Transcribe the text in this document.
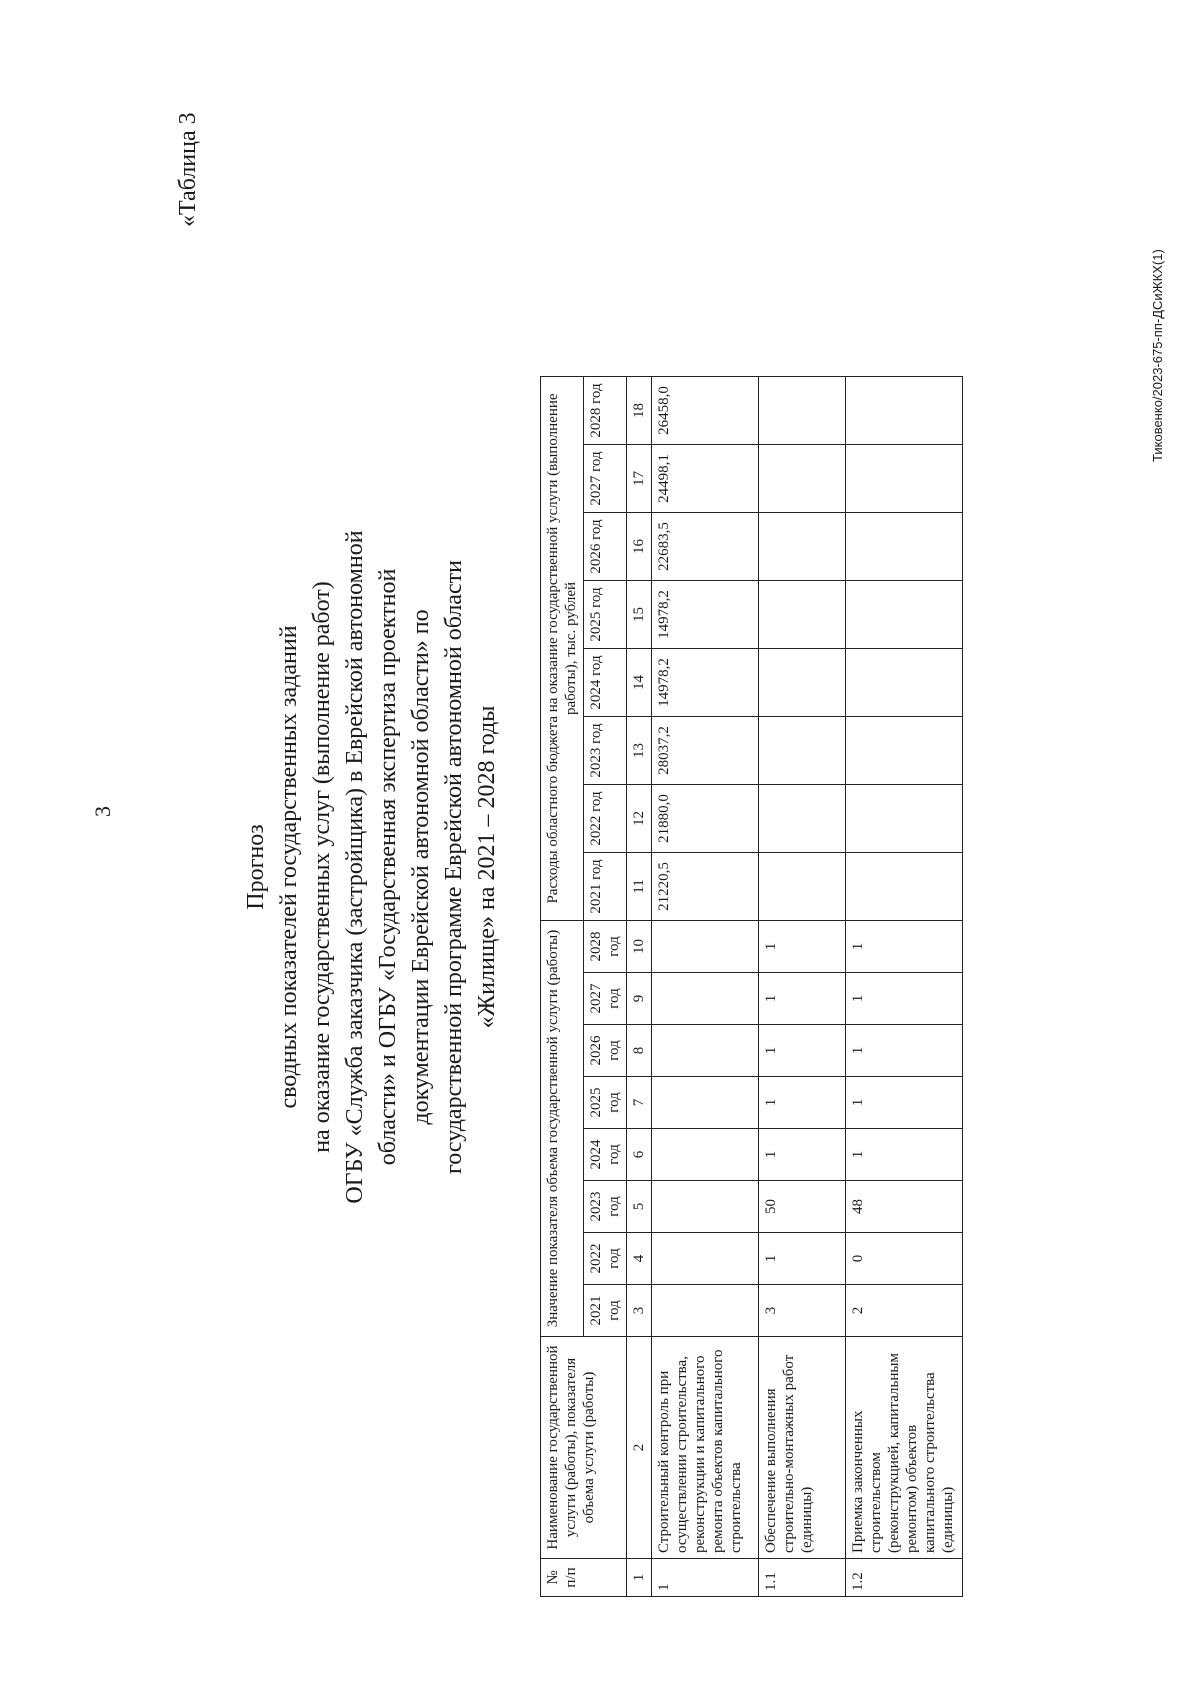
3
«Таблица 3
Прогноз сводных показателей государственных заданий на оказание государственных услуг (выполнение работ) ОГБУ «Служба заказчика (застройщика) в Еврейской автономной области» и ОГБУ «Государственная экспертиза проектной документации Еврейской автономной области» по государственной программе Еврейской автономной области «Жилище» на 2021 – 2028 годы
№ п/п	Наименование государственной услуги (работы), показателя объема услуги (работы)	Значение показателя объема государственной услуги (работы)								Расходы областного бюджета на оказание государственной услуги (выполнение работы), тыс. рублей							
		2021 год	2022 год	2023 год	2024 год	2025 год	2026 год	2027 год	2028 год	2021 год	2022 год	2023 год	2024 год	2025 год	2026 год	2027 год	2028 год
1	2	3	4	5	6	7	8	9	10	11	12	13	14	15	16	17	18
1	Строительный контроль при осуществлении строительства, реконструкции и капитального ремонта объектов капитального строительства									21220,5	21880,0	28037,2	14978,2	14978,2	22683,5	24498,1	26458,0
1.1	Обеспечение выполнения строительно-монтажных работ (единицы)	3	1	50	1	1	1	1	1								
1.2	Приемка законченных строительством (реконструкцией, капитальным ремонтом) объектов капитального строительства (единицы)	2	0	48	1	1	1	1	1								
Тиковенко/2023-675-пп-ДСиЖКХ(1)
